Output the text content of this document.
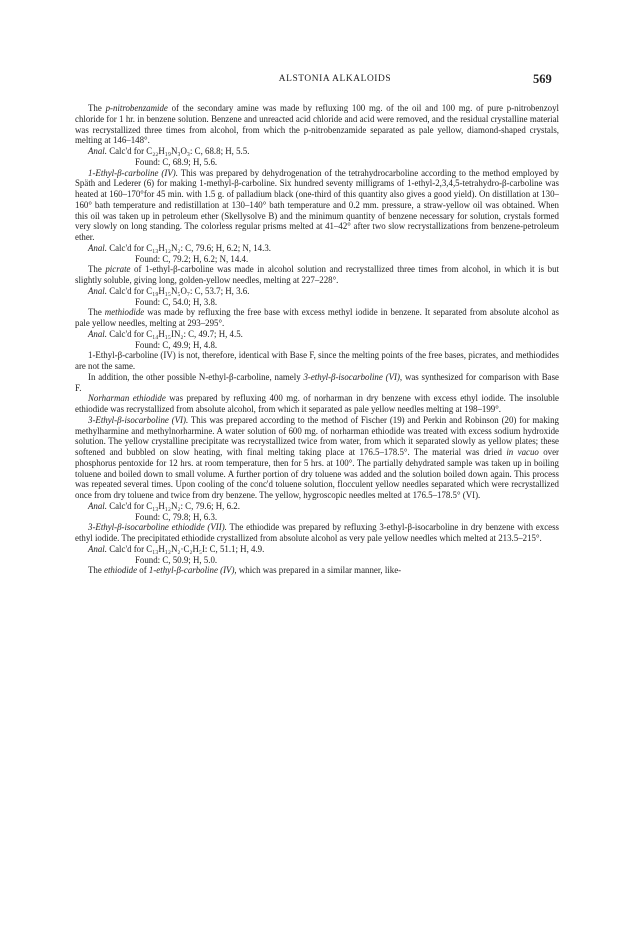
ALSTONIA ALKALOIDS	569

The p-nitrobenzamide of the secondary amine was made by refluxing 100 mg. of the oil and 100 mg. of pure p-nitrobenzoyl chloride for 1 hr. in benzene solution. Benzene and unreacted acid chloride and acid were removed, and the residual crystalline material was recrystallized three times from alcohol, from which the p-nitrobenzamide separated as pale yellow, diamond-shaped crystals, melting at 146–148°.

Anal. Calc'd for C₂₂H₁₉N₃O₃: C, 68.8; H, 5.5.

Found: C, 68.9; H, 5.6.

1-Ethyl-β-carboline (IV). This was prepared by dehydrogenation of the tetrahydrocarboline according to the method employed by Späth and Lederer (6) for making 1-methyl-β-carboline. Six hundred seventy milligrams of 1-ethyl-2,3,4,5-tetrahydro-β-carboline was heated at 160–170°for 45 min. with 1.5 g. of palladium black (one-third of this quantity also gives a good yield). On distillation at 130–160° bath temperature and redistillation at 130–140° bath temperature and 0.2 mm. pressure, a straw-yellow oil was obtained. When this oil was taken up in petroleum ether (Skellysolve B) and the minimum quantity of benzene necessary for solution, crystals formed very slowly on long standing. The colorless regular prisms melted at 41–42° after two slow recrystallizations from benzene-petroleum ether.

Anal. Calc'd for C₁₃H₁₂N₂: C, 79.6; H, 6.2; N, 14.3.

Found: C, 79.2; H, 6.2; N, 14.4.

The picrate of 1-ethyl-β-carboline was made in alcohol solution and recrystallized three times from alcohol, in which it is but slightly soluble, giving long, golden-yellow needles, melting at 227–228°.

Anal. Calc'd for C₁₉H₁₅N₅O₇: C, 53.7; H, 3.6.

Found: C, 54.0; H, 3.8.

The methiodide was made by refluxing the free base with excess methyl iodide in benzene. It separated from absolute alcohol as pale yellow needles, melting at 293–295°.

Anal. Calc'd for C₁₄H₁₅IN₂: C, 49.7; H, 4.5.

Found: C, 49.9; H, 4.8.

1-Ethyl-β-carboline (IV) is not, therefore, identical with Base F, since the melting points of the free bases, picrates, and methiodides are not the same.

In addition, the other possible N-ethyl-β-carboline, namely 3-ethyl-β-isocarboline (VI), was synthesized for comparison with Base F.

Norharman ethiodide was prepared by refluxing 400 mg. of norharman in dry benzene with excess ethyl iodide. The insoluble ethiodide was recrystallized from absolute alcohol, from which it separated as pale yellow needles melting at 198–199°.

3-Ethyl-β-isocarboline (VI). This was prepared according to the method of Fischer (19) and Perkin and Robinson (20) for making methylharmine and methylnorharmine. A water solution of 600 mg. of norharman ethiodide was treated with excess sodium hydroxide solution. The yellow crystalline precipitate was recrystallized twice from water, from which it separated slowly as yellow plates; these softened and bubbled on slow heating, with final melting taking place at 176.5–178.5°. The material was dried in vacuo over phosphorus pentoxide for 12 hrs. at room temperature, then for 5 hrs. at 100°. The partially dehydrated sample was taken up in boiling toluene and boiled down to small volume. A further portion of dry toluene was added and the solution boiled down again. This process was repeated several times. Upon cooling of the conc'd toluene solution, flocculent yellow needles separated which were recrystallized once from dry toluene and twice from dry benzene. The yellow, hygroscopic needles melted at 176.5–178.5° (VI).

Anal. Calc'd for C₁₃H₁₂N₂: C, 79.6; H, 6.2.

Found: C, 79.8; H, 6.3.

3-Ethyl-β-isocarboline ethiodide (VII). The ethiodide was prepared by refluxing 3-ethyl-β-isocarboline in dry benzene with excess ethyl iodide. The precipitated ethiodide crystallized from absolute alcohol as very pale yellow needles which melted at 213.5–215°.

Anal. Calc'd for C₁₃H₁₂N₂·C₂H₅I: C, 51.1; H, 4.9.

Found: C, 50.9; H, 5.0.

The ethiodide of 1-ethyl-β-carboline (IV), which was prepared in a similar manner, like-
